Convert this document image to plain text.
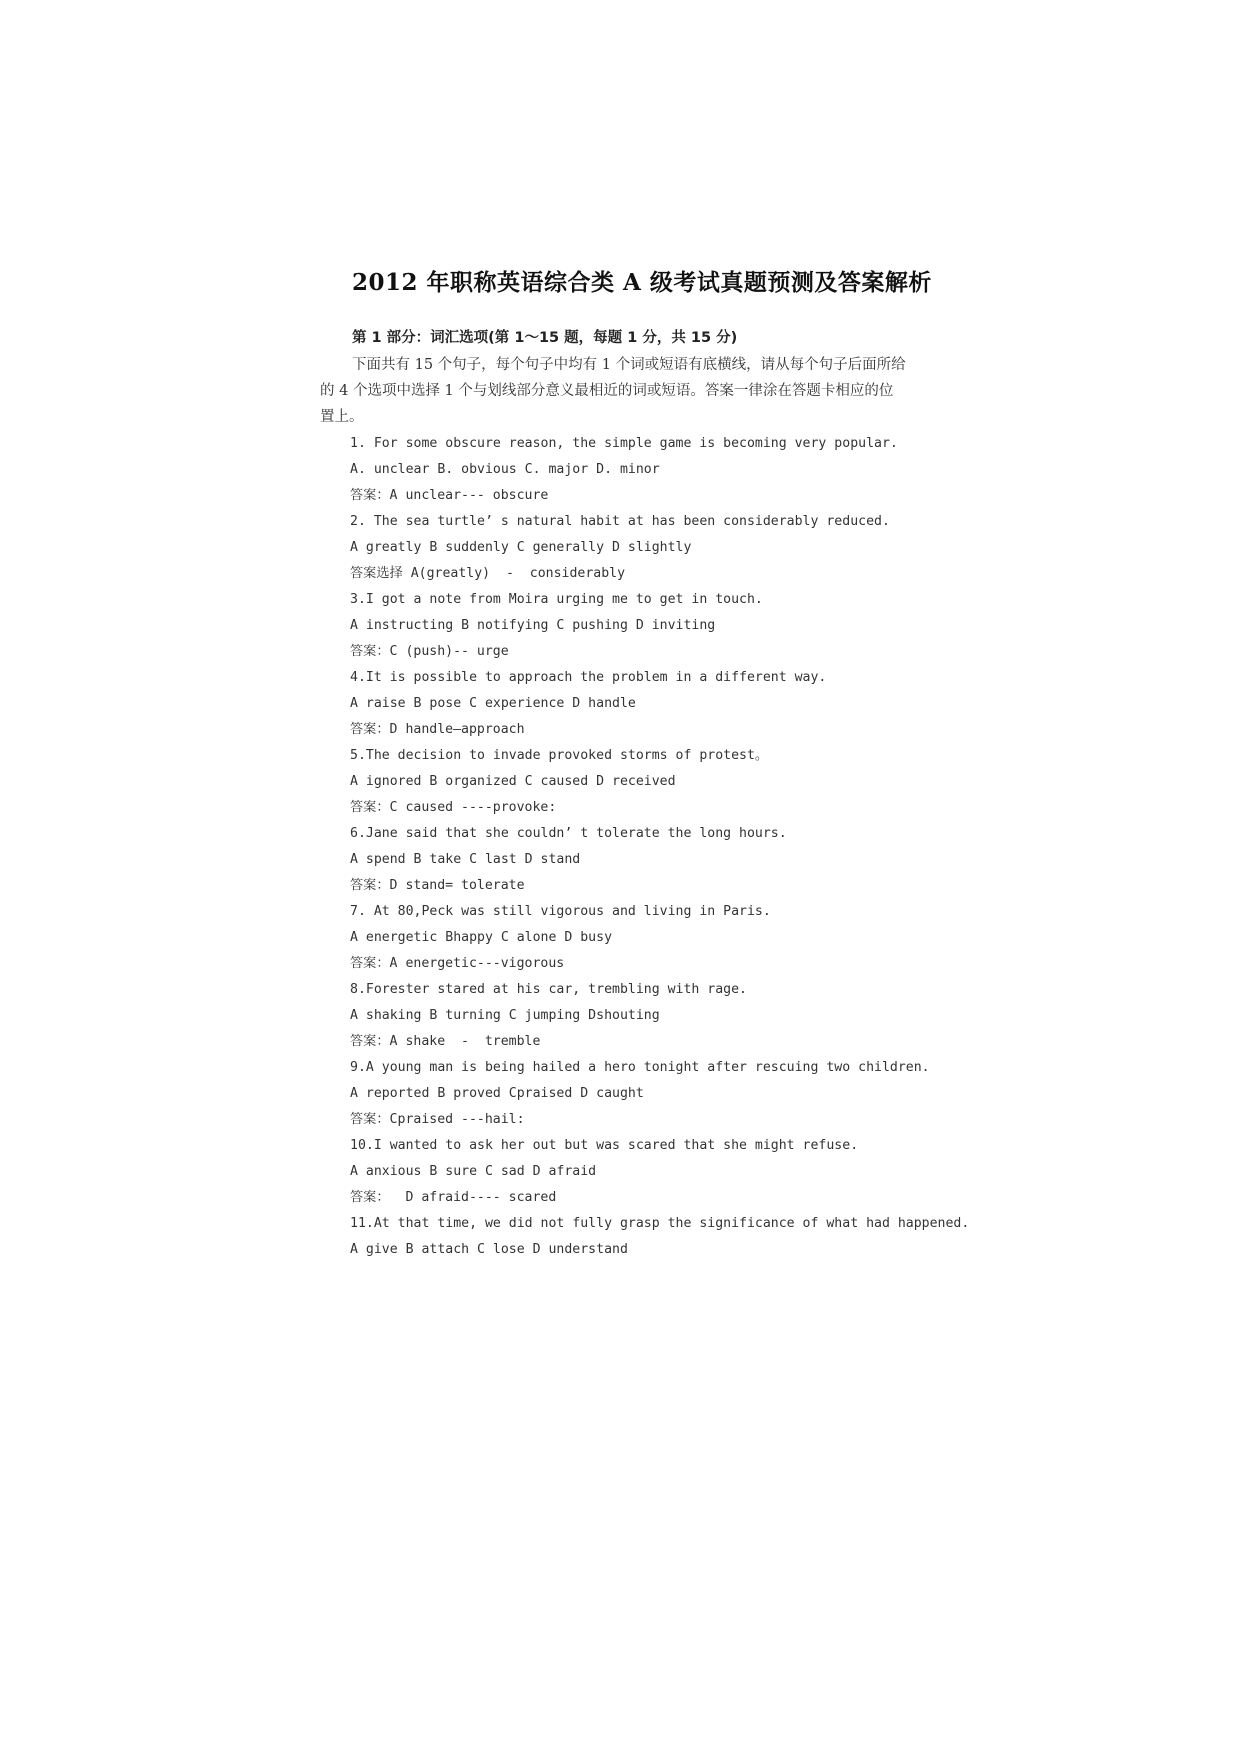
2012 年职称英语综合类 A 级考试真题预测及答案解析
第 1 部分：词汇选项(第 1～15 题，每题 1 分，共 15 分)
下面共有 15 个句子，每个句子中均有 1 个词或短语有底横线，请从每个句子后面所给
的 4 个选项中选择 1 个与划线部分意义最相近的词或短语。答案一律涂在答题卡相应的位
置上。
1. For some obscure reason, the simple game is becoming very popular.
A. unclear B. obvious C. major D. minor
答案：A unclear--- obscure
2. The sea turtle’ s natural habit at has been considerably reduced.
A greatly B suddenly C generally D slightly
答案选择 A(greatly)  -  considerably
3.I got a note from Moira urging me to get in touch.
A instructing B notifying C pushing D inviting
答案：C (push)-- urge
4.It is possible to approach the problem in a different way.
A raise B pose C experience D handle
答案：D handle—approach
5.The decision to invade provoked storms of protest。
A ignored B organized C caused D received
答案：C caused ----provoke:
6.Jane said that she couldn’ t tolerate the long hours.
A spend B take C last D stand
答案：D stand= tolerate
7. At 80,Peck was still vigorous and living in Paris.
A energetic Bhappy C alone D busy
答案：A energetic---vigorous
8.Forester stared at his car, trembling with rage.
A shaking B turning C jumping Dshouting
答案：A shake  -  tremble
9.A young man is being hailed a hero tonight after rescuing two children.
A reported B proved Cpraised D caught
答案：Cpraised ---hail:
10.I wanted to ask her out but was scared that she might refuse.
A anxious B sure C sad D afraid
答案：  D afraid---- scared
11.At that time, we did not fully grasp the significance of what had happened.
A give B attach C lose D understand
